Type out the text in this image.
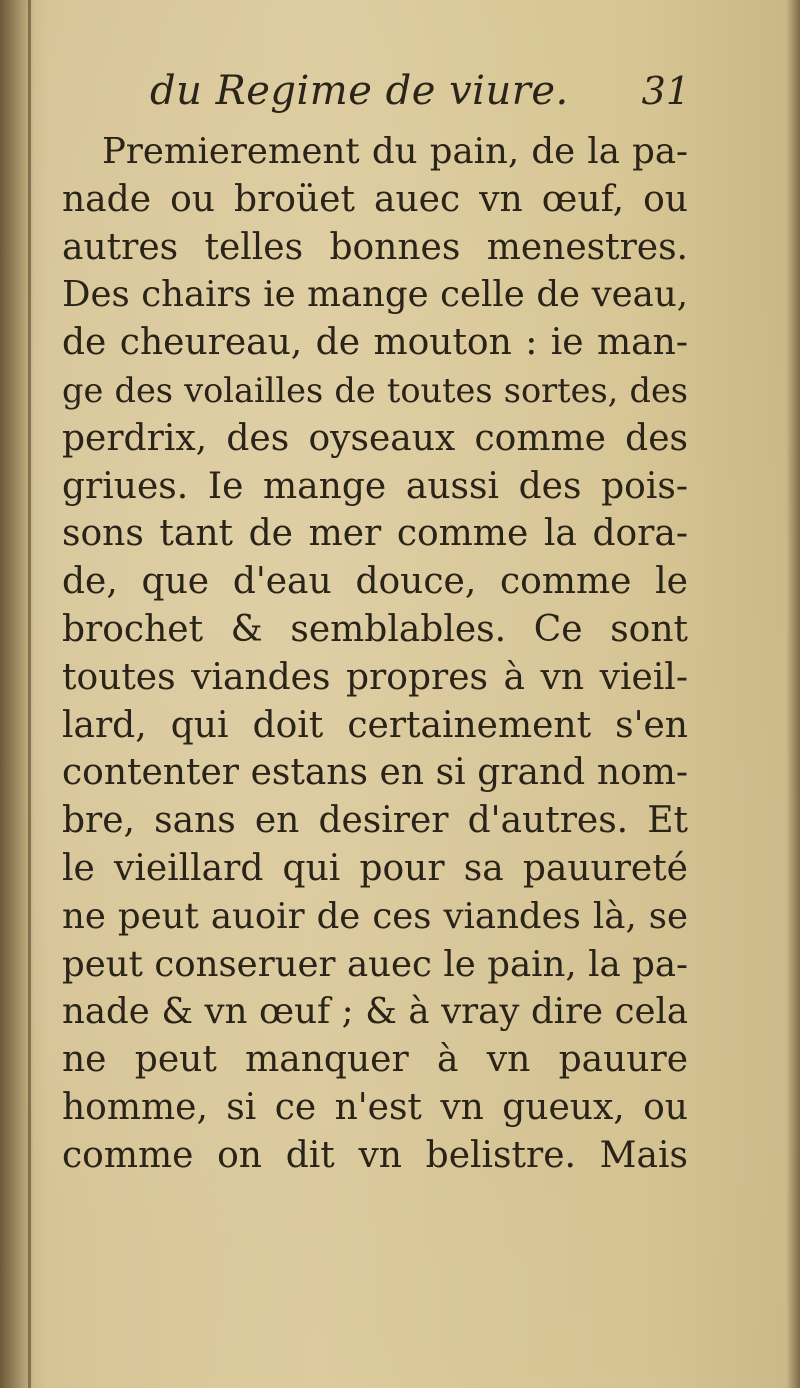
du Regime de viure. 31
Premierement du pain, de la pa-
nade ou broüet auec vn œuf, ou
autres telles bonnes menestres.
Des chairs ie mange celle de veau,
de cheureau, de mouton : ie man-
ge des volailles de toutes sortes, des
perdrix, des oyseaux comme des
griues. Ie mange aussi des pois-
sons tant de mer comme la dora-
de, que d'eau douce, comme le
brochet & semblables. Ce sont
toutes viandes propres à vn vieil-
lard, qui doit certainement s'en
contenter estans en si grand nom-
bre, sans en desirer d'autres. Et
le vieillard qui pour sa pauureté
ne peut auoir de ces viandes là, se
peut conseruer auec le pain, la pa-
nade & vn œuf ; & à vray dire cela
ne peut manquer à vn pauure
homme, si ce n'est vn gueux, ou
comme on dit vn belistre. Mais
